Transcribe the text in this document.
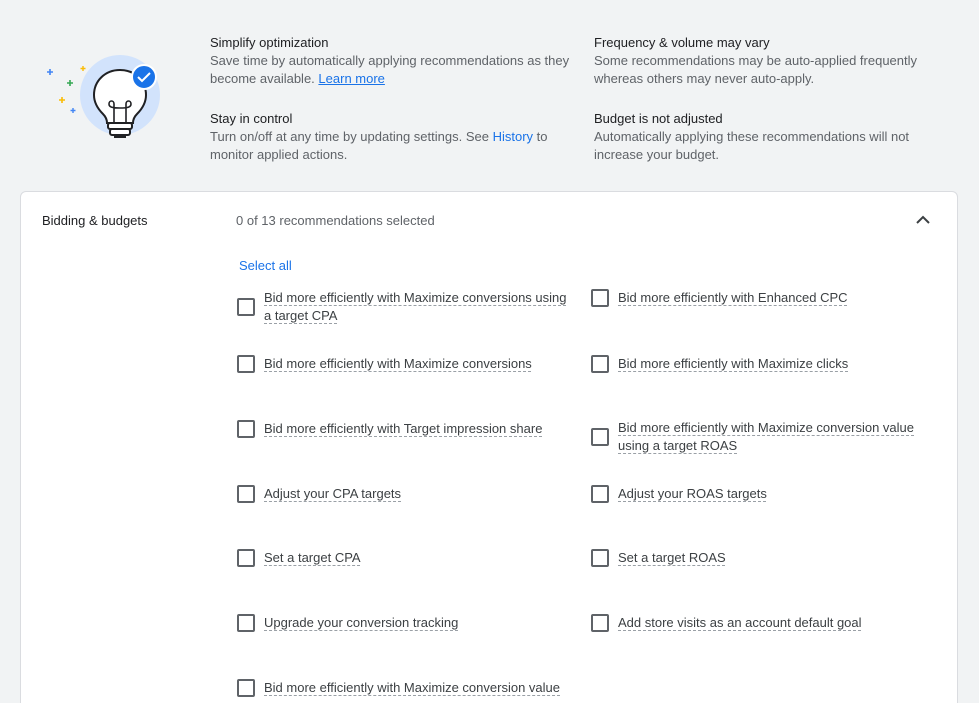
Simplify optimization
Save time by automatically applying recommendations as they become available. Learn more
Frequency & volume may vary
Some recommendations may be auto-applied frequently whereas others may never auto-apply.
Stay in control
Turn on/off at any time by updating settings. See History to monitor applied actions.
Budget is not adjusted
Automatically applying these recommendations will not increase your budget.
Bidding & budgets	0 of 13 recommendations selected
Select all
Bid more efficiently with Maximize conversions using a target CPA
Bid more efficiently with Enhanced CPC
Bid more efficiently with Maximize conversions	Bid more efficiently with Maximize clicks
Bid more efficiently with Target impression share	Bid more efficiently with Maximize conversion value using a target ROAS
Adjust your CPA targets	Adjust your ROAS targets
Set a target CPA	Set a target ROAS
Upgrade your conversion tracking	Add store visits as an account default goal
Bid more efficiently with Maximize conversion value
